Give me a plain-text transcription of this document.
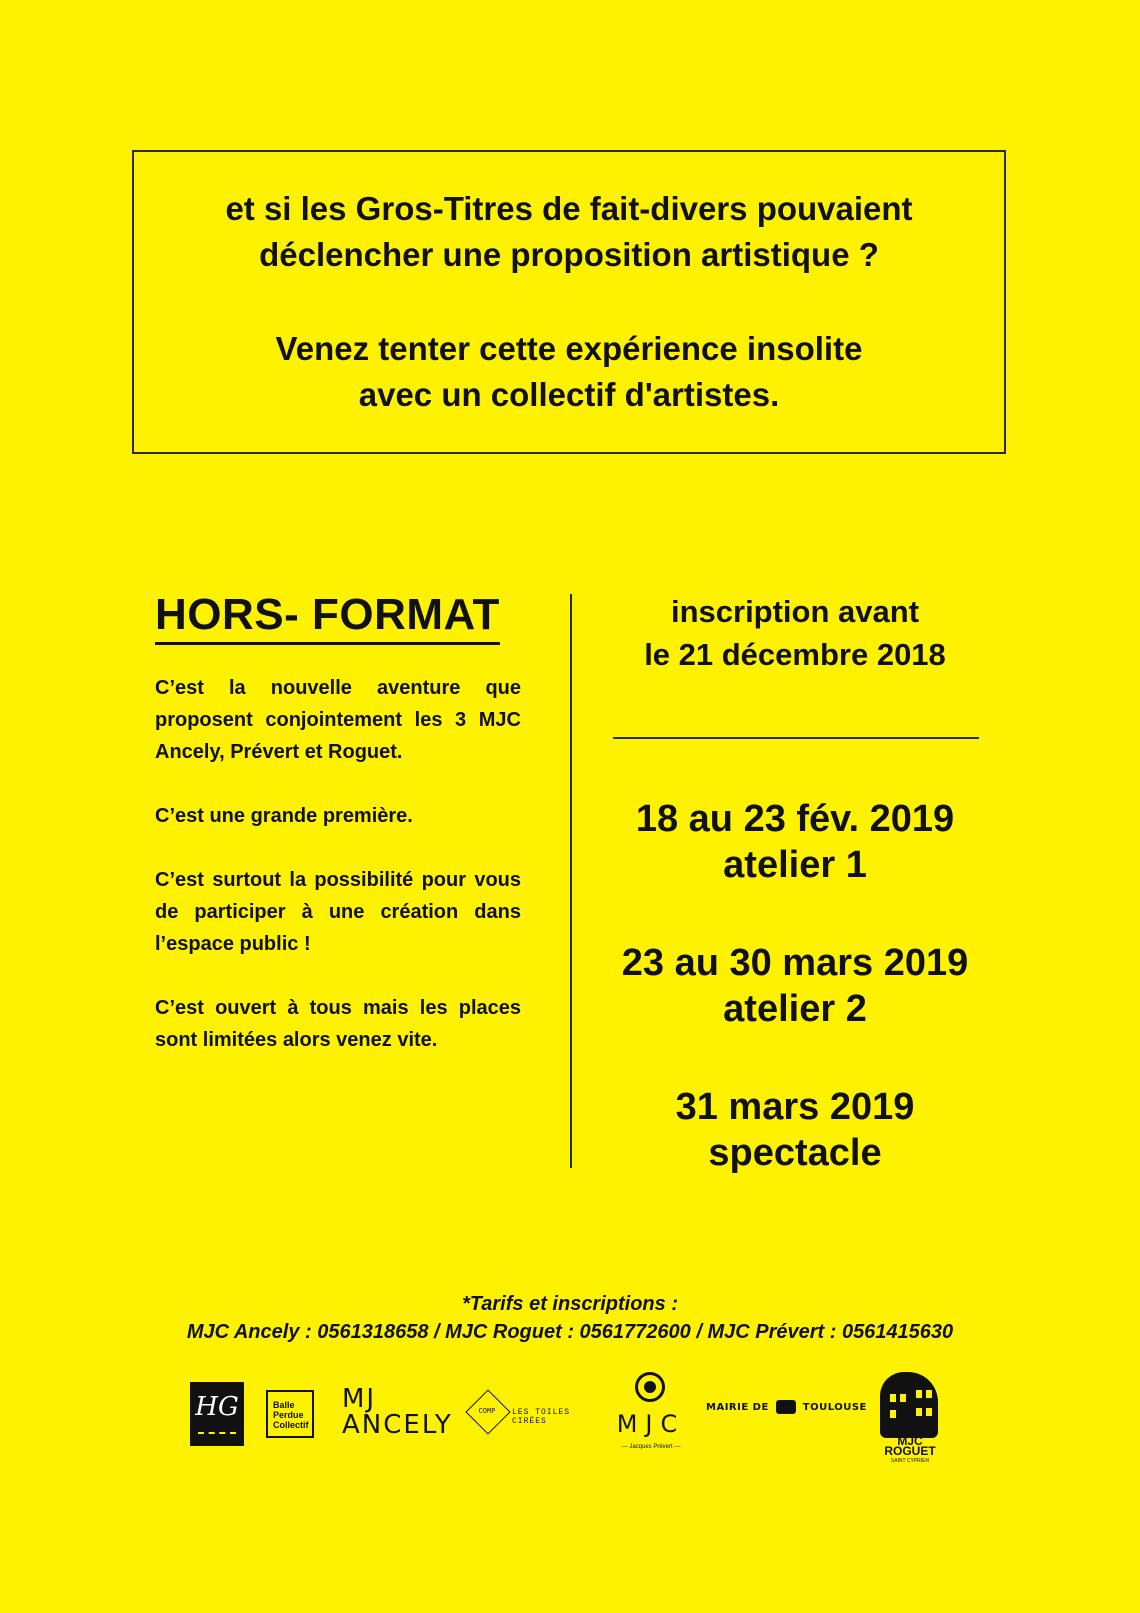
et si les Gros-Titres de fait-divers pouvaient

déclencher une proposition artistique ?

Venez tenter cette expérience insolite

avec un collectif d'artistes.

HORS- FORMAT

C’est la nouvelle aventure que proposent conjointement les 3 MJC Ancely, Prévert et Roguet.

C’est une grande première.

C’est surtout la possibilité pour vous de participer à une création dans l’espace public !

C’est ouvert à tous mais les places sont limitées alors venez vite.

inscription avant
le 21 décembre 2018
18 au 23 fév. 2019
atelier 1
23 au 30 mars 2019
atelier 2
31 mars 2019
spectacle

*Tarifs et inscriptions :

MJC Ancely : 0561318658 / MJC Roguet : 0561772600 / MJC Prévert : 0561415630

HG	Balle Perdue Collectif
MJ
ANCELY	COMP	LES TOILES CIRÉES	MJC
— Jacques Prévert —
MAIRIE DE	TOULOUSE
MJC
ROGUET
SAINT CYPRIEN
